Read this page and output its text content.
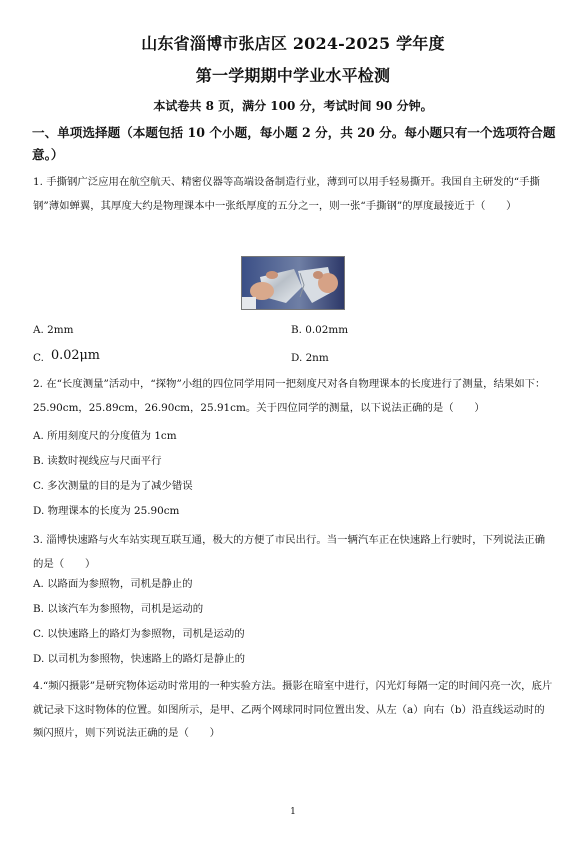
山东省淄博市张店区 2024-2025 学年度
第一学期期中学业水平检测
本试卷共 8 页，满分 100 分，考试时间 90 分钟。
一、单项选择题（本题包括 10 个小题，每小题 2 分，共 20 分。每小题只有一个选项符合题意。）
1. 手撕钢广泛应用在航空航天、精密仪器等高端设备制造行业，薄到可以用手轻易撕开。我国自主研发的“手撕钢”薄如蝉翼，其厚度大约是物理课本中一张纸厚度的五分之一，则一张“手撕钢”的厚度最接近于（　　）
A. 2mm	B. 0.02mm
C. 0.02μm	D. 2nm
2. 在“长度测量”活动中，“探物”小组的四位同学用同一把刻度尺对各自物理课本的长度进行了测量，结果如下：25.90cm，25.89cm，26.90cm，25.91cm。关于四位同学的测量，以下说法正确的是（　　）
A. 所用刻度尺的分度值为 1cm
B. 读数时视线应与尺面平行
C. 多次测量的目的是为了减少错误
D. 物理课本的长度为 25.90cm
3. 淄博快速路与火车站实现互联互通，极大的方便了市民出行。当一辆汽车正在快速路上行驶时，下列说法正确的是（　　）
A. 以路面为参照物，司机是静止的
B. 以该汽车为参照物，司机是运动的
C. 以快速路上的路灯为参照物，司机是运动的
D. 以司机为参照物，快速路上的路灯是静止的
4.“频闪摄影”是研究物体运动时常用的一种实验方法。摄影在暗室中进行，闪光灯每隔一定的时间闪亮一次，底片就记录下这时物体的位置。如图所示，是甲、乙两个网球同时同位置出发、从左（a）向右（b）沿直线运动时的频闪照片，则下列说法正确的是（　　）
1
